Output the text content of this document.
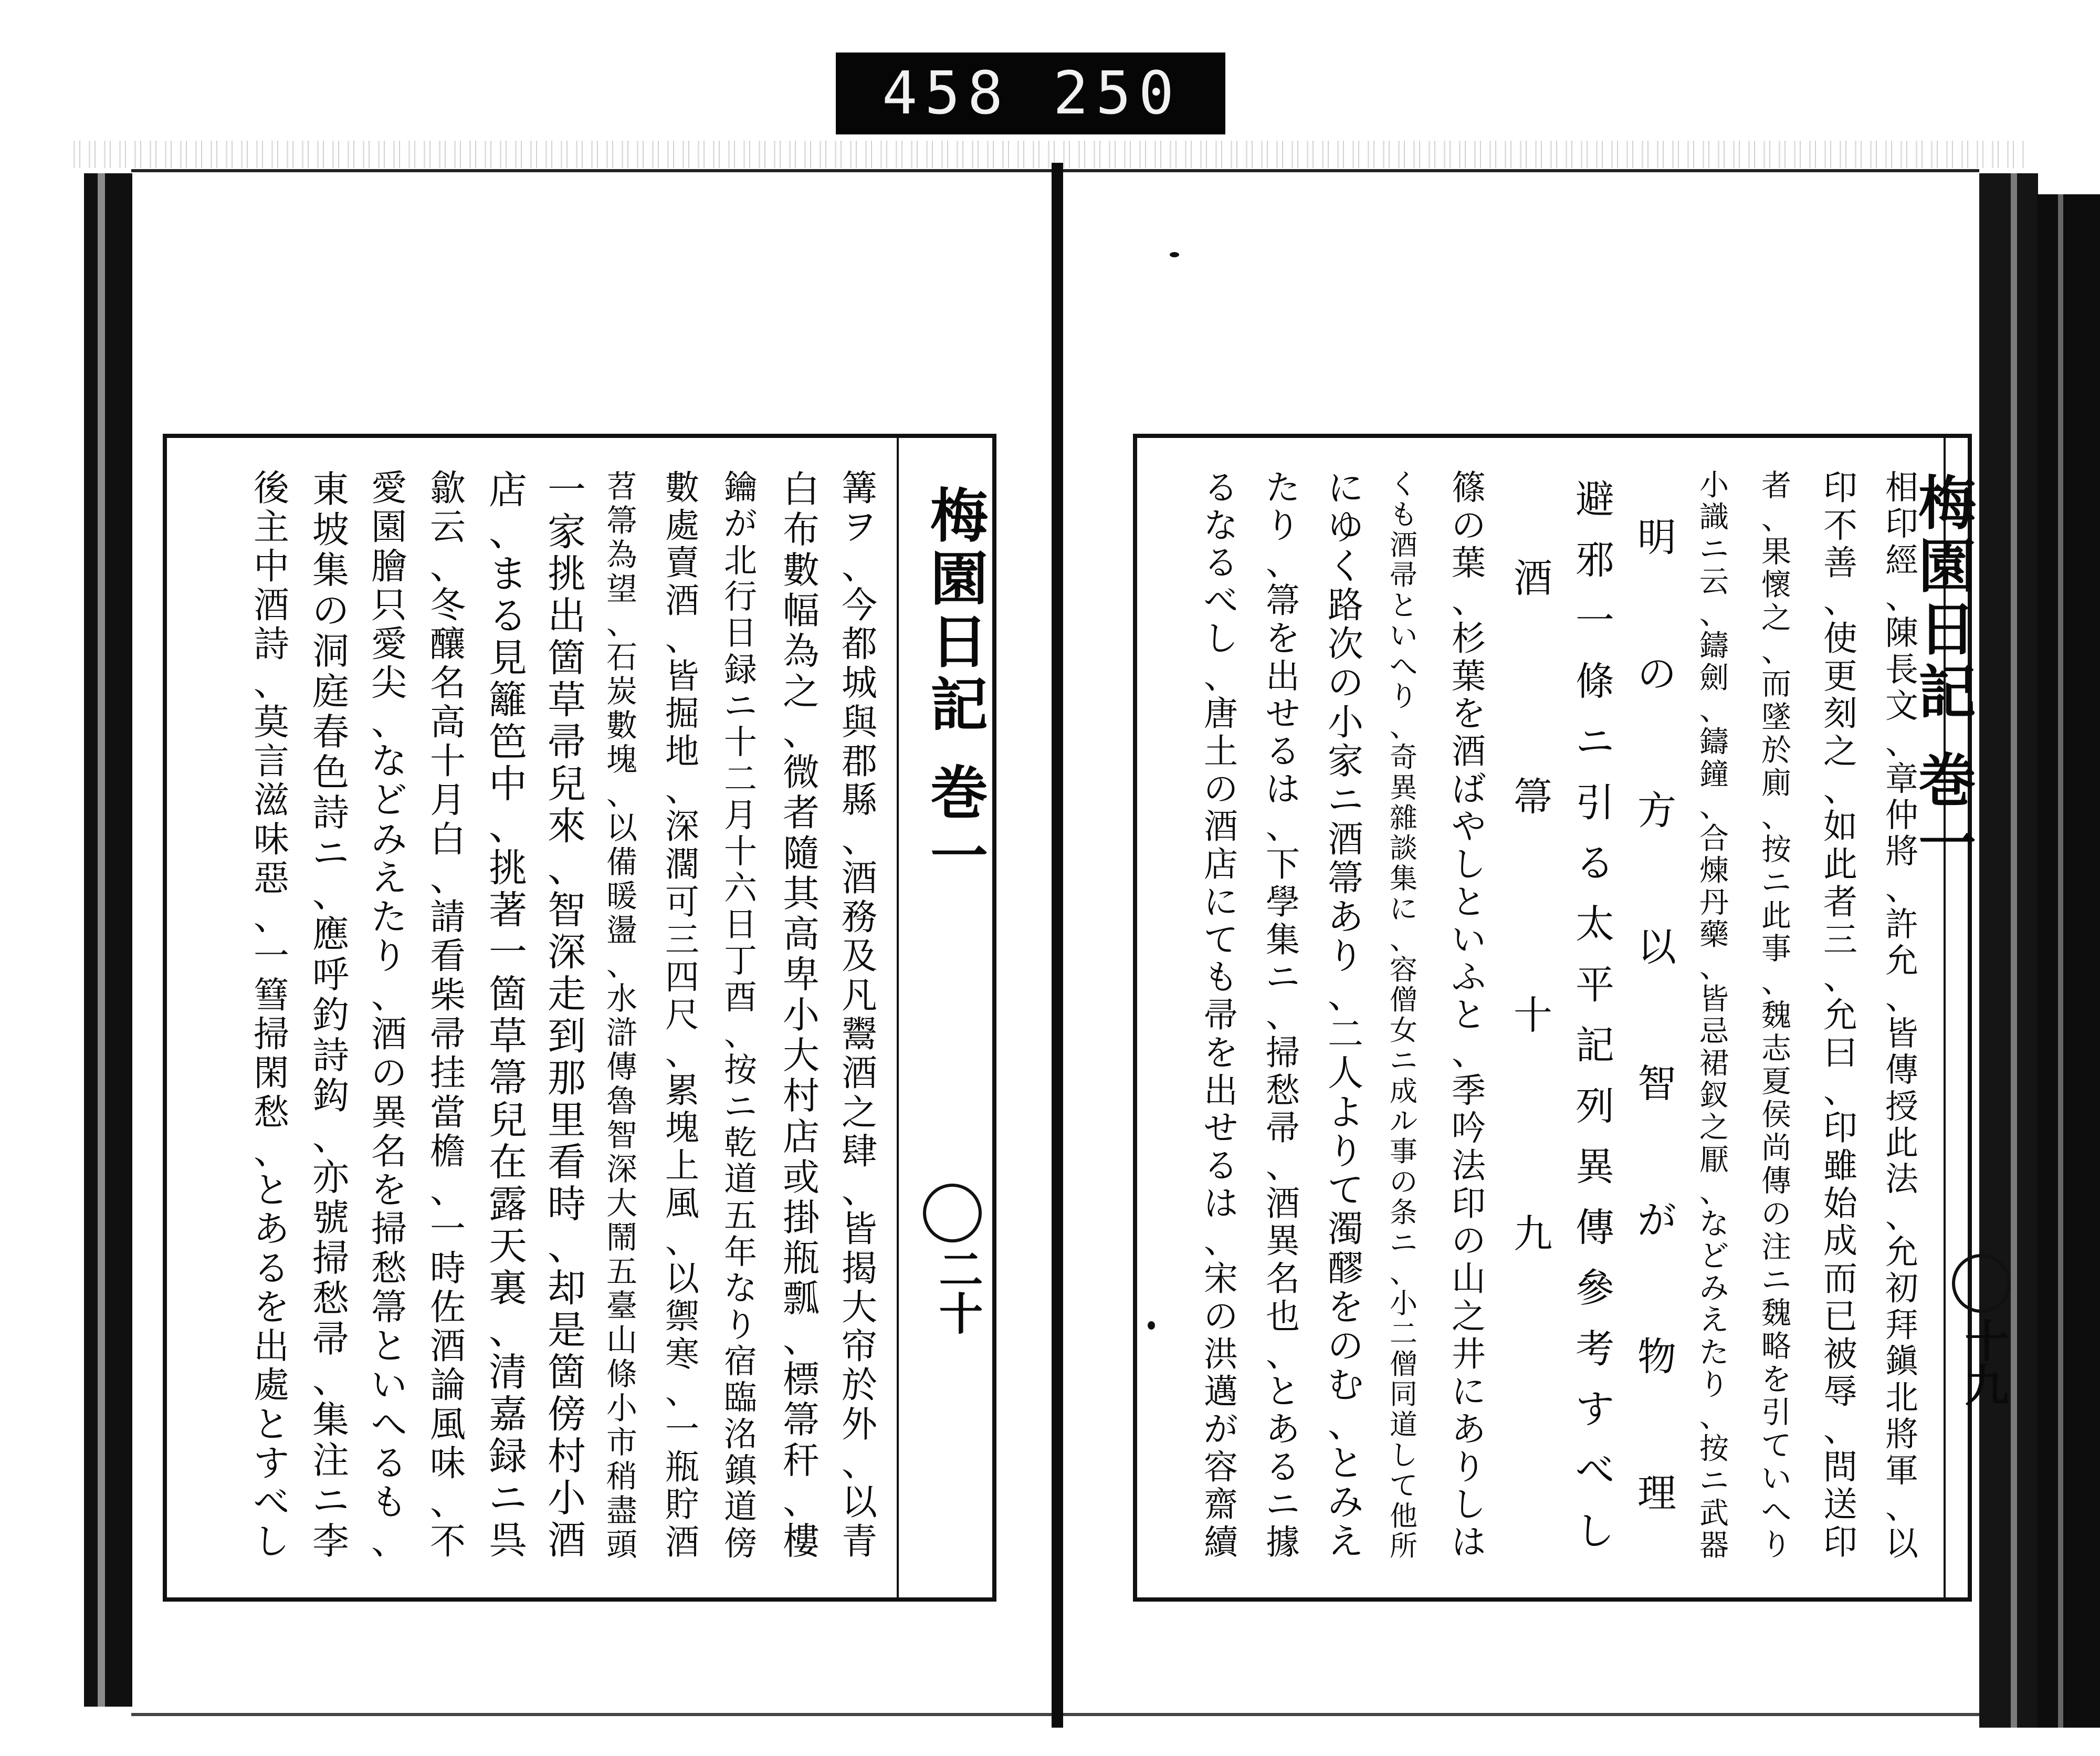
458 250
梅園日記 巻一
二十
篝
ヲ
、
今
都
城
與
郡
縣
、
酒
務
及
凡
鬻
酒
之
肆
、
皆
揭
大
帘
於
外
、
以
青
白
布
數
幅
為
之
、
微
者
隨
其
高
卑
小
大
村
店
或
掛
瓶
瓢
、
標
箒
秆
、
樓
鑰
が
北
行
日
録
ニ
十
二
月
十
六
日
丁
酉
、
按
ニ
乾
道
五
年
な
り
宿
臨
洺
鎮
道
傍
數
處
賣
酒
、
皆
掘
地
、
深
濶
可
三
四
尺
、
累
塊
上
風
、
以
禦
寒
、
一
瓶
貯
酒
苕
箒
為
望
、
石
炭
數
塊
、
以
備
暖
盪
、
水
滸
傳
魯
智
深
大
鬧
五
臺
山
條
小
市
稍
盡
頭
一
家
挑
出
箇
草
帚
兒
來
、
智
深
走
到
那
里
看
時
、
却
是
箇
傍
村
小
酒
店
、
ま
る
見
籬
笆
中
、
挑
著
一
箇
草
箒
兒
在
露
天
裏
、
清
嘉
録
ニ
呉
歙
云
、
冬
釀
名
高
十
月
白
、
請
看
柴
帚
挂
當
檐
、
一
時
佐
酒
論
風
味
、
不
愛
園
膾
只
愛
尖
、
な
ど
み
え
た
り
、
酒
の
異
名
を
掃
愁
箒
と
い
へ
る
も
、
東
坡
集
の
洞
庭
春
色
詩
ニ
、
應
呼
釣
詩
鈎
、
亦
號
掃
愁
帚
、
集
注
ニ
李
後
主
中
酒
詩
、
莫
言
滋
味
惡
、
一
篲
掃
閑
愁
、
と
あ
る
を
出
處
と
す
べ
し
相
印
經
、
陳
長
文
、
章
仲
將
、
許
允
、
皆
傳
授
此
法
、
允
初
拜
鎭
北
將
軍
、
以
印
不
善
、
使
更
刻
之
、
如
此
者
三
、
允
曰
、
印
雖
始
成
而
已
被
辱
、
問
送
印
者
、
果
懷
之
、
而
墜
於
廁
、
按
ニ
此
事
、
魏
志
夏
侯
尚
傳
の
注
ニ
魏
略
を
引
て
い
へ
り
小
識
ニ
云
、
鑄
劍
、
鑄
鐘
、
合
煉
丹
藥
、
皆
忌
裙
釵
之
厭
、
な
ど
み
え
た
り
、
按
ニ
武
器
明
の
方
以
智
が
物
理
避
邪
一
條
ニ
引
る
太
平
記
列
異
傳
參
考
す
べ
し
酒
箒
十
九
篠
の
葉
、
杉
葉
を
酒
ば
や
し
と
い
ふ
と
、
季
吟
法
印
の
山
之
井
に
あ
り
し
は
く
も
酒
帚
と
い
へ
り
、
奇
異
雜
談
集
に
、
容
僧
女
ニ
成
ル
事
の
条
ニ
、
小
二
僧
同
道
し
て
他
所
に
ゆ
く
路
次
の
小
家
ニ
酒
箒
あ
り
、
二
人
よ
り
て
濁
醪
を
の
む
、
と
み
え
た
り
、
箒
を
出
せ
る
は
、
下
學
集
ニ
、
掃
愁
帚
、
酒
異
名
也
、
と
あ
る
ニ
據
る
な
る
べ
し
、
唐
土
の
酒
店
に
て
も
帚
を
出
せ
る
は
、
宋
の
洪
邁
が
容
齋
續
梅園日記 巻一
十九
